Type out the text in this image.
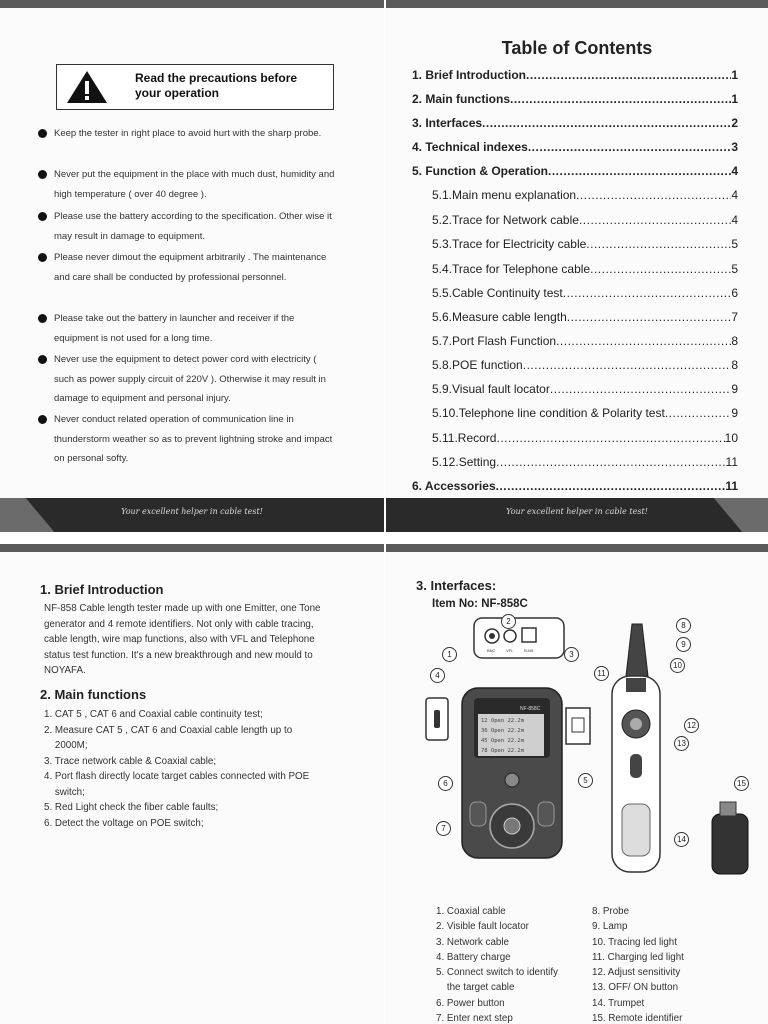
Read the precautions before
your operation
Keep the tester in right place to avoid hurt with the sharp probe.
Never put the equipment in the place with much dust, humidity and high temperature ( over 40 degree ).
Please use the battery according to the specification. Other wise it may result in damage to equipment.
Please never dimout the equipment arbitrarily . The maintenance and care shall be conducted by professional personnel.
Please take out the battery in launcher and receiver if the equipment is not used for a long time.
Never use the equipment to detect power cord with electricity ( such as power supply circuit of 220V ). Otherwise it may result in damage to equipment and personal injury.
Never conduct related operation of communication line in thunderstorm weather so as to prevent lightning stroke and impact on personal softy.
Your excellent helper in cable test!
Table of Contents
1. Brief Introduction .....	1
2. Main functions .....	1
3. Interfaces .....	2
4. Technical indexes .....	3
5. Function & Operation .....	4
5.1.Main menu explanation .....	4
5.2.Trace for Network cable .....	4
5.3.Trace for Electricity cable .....	5
5.4.Trace for Telephone cable .....	5
5.5.Cable Continuity test .....	6
5.6.Measure cable length .....	7
5.7.Port Flash Function .....	8
5.8.POE function .....	8
5.9.Visual fault locator .....	9
5.10.Telephone line condition & Polarity test .....	9
5.11.Record .....	10
5.12.Setting .....	11
6. Accessories .....	11
Your excellent helper in cable test!
1. Brief Introduction
NF-858 Cable length tester made up with one Emitter, one Tone
generator and 4 remote identifiers. Not only with cable tracing,
cable length, wire map functions, also with VFL and Telephone
status test function. It's a new breakthrough and new mould to
NOYAFA.
2. Main functions
1. CAT 5 , CAT 6 and Coaxial cable continuity test;
2. Measure CAT 5 , CAT 6 and Coaxial cable length up to
2000M;
3. Trace network cable & Coaxial cable;
4. Port flash directly locate target cables connected with POE
switch;
5. Red Light check the fiber cable faults;
6. Detect the voltage on POE switch;
3. Interfaces:
Item No: NF-858C
BNC	VFL	RJ45
NF-858C
12 Open 22.2m
36 Open 22.2m
45 Open 22.2m
78 Open 22.2m
2
1	3
4
5
6
7
8
9
10
11
12
13
14
15
1. Coaxial cable
2. Visible fault locator
3. Network cable
4. Battery charge
5. Connect switch to identify
the target cable
6. Power button
7. Enter next step
8. Probe
9. Lamp
10. Tracing led light
11. Charging led light
12. Adjust sensitivity
13. OFF/ ON button
14. Trumpet
15. Remote identifier
